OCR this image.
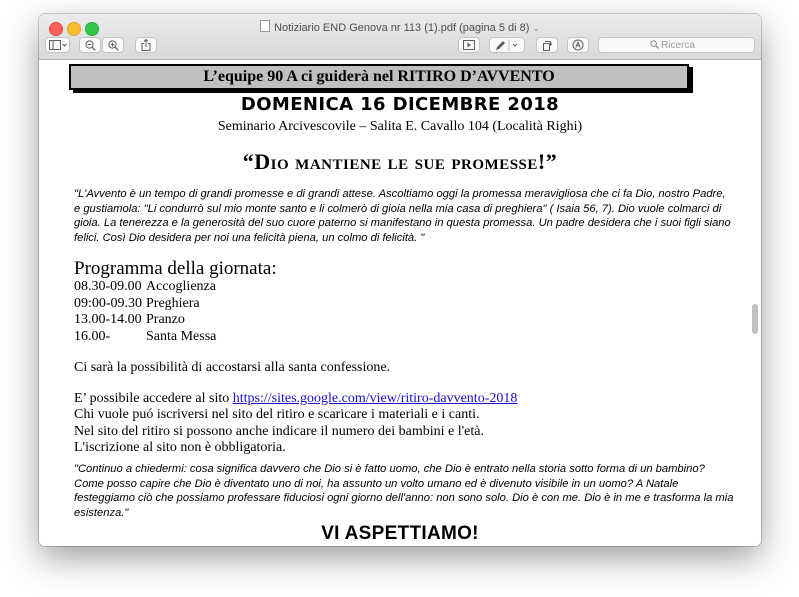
Notiziario END Genova nr 113 (1).pdf (pagina 5 di 8) ⌄
Ricerca
L’equipe 90 A ci guiderà nel RITIRO D’AVVENTO
DOMENICA 16 DICEMBRE 2018
Seminario Arcivescovile – Salita E. Cavallo 104 (Località Righi)
“Dio mantiene le sue promesse!”
"L'Avvento è un tempo di grandi promesse e di grandi attese. Ascoltiamo oggi la promessa meravigliosa che ci fa Dio, nostro Padre, e gustiamola: "Li condurrò sul mio monte santo e li colmerò di gioia nella mia casa di preghiera" ( Isaia 56, 7). Dio vuole colmarci di gioia. La tenerezza e la generosità del suo cuore paterno si manifestano in questa promessa. Un padre desidera che i suoi figli siano felici. Così Dio desidera per noi una felicità piena, un colmo di felicità. "
Programma della giornata:
08.30-09.00 Accoglienza
09:00-09.30 Preghiera
13.00-14.00 Pranzo
16.00-	Santa Messa
Ci sarà la possibilità di accostarsi alla santa confessione.
E’ possibile accedere al sito https://sites.google.com/view/ritiro-davvento-2018
Chi vuole puó iscriversi nel sito del ritiro e scaricare i materiali e i canti.
Nel sito del ritiro si possono anche indicare il numero dei bambini e l'età.
L'iscrizione al sito non è obbligatoria.
"Continuo a chiedermi: cosa significa davvero che Dio si è fatto uomo, che Dio è entrato nella storia sotto forma di un bambino? Come posso capire che Dio è diventato uno di noi, ha assunto un volto umano ed è divenuto visibile in un uomo? A Natale festeggiamo ciò che possiamo professare fiduciosi ogni giorno dell'anno: non sono solo. Dio è con me. Dio è in me e trasforma la mia esistenza."
VI ASPETTIAMO!
